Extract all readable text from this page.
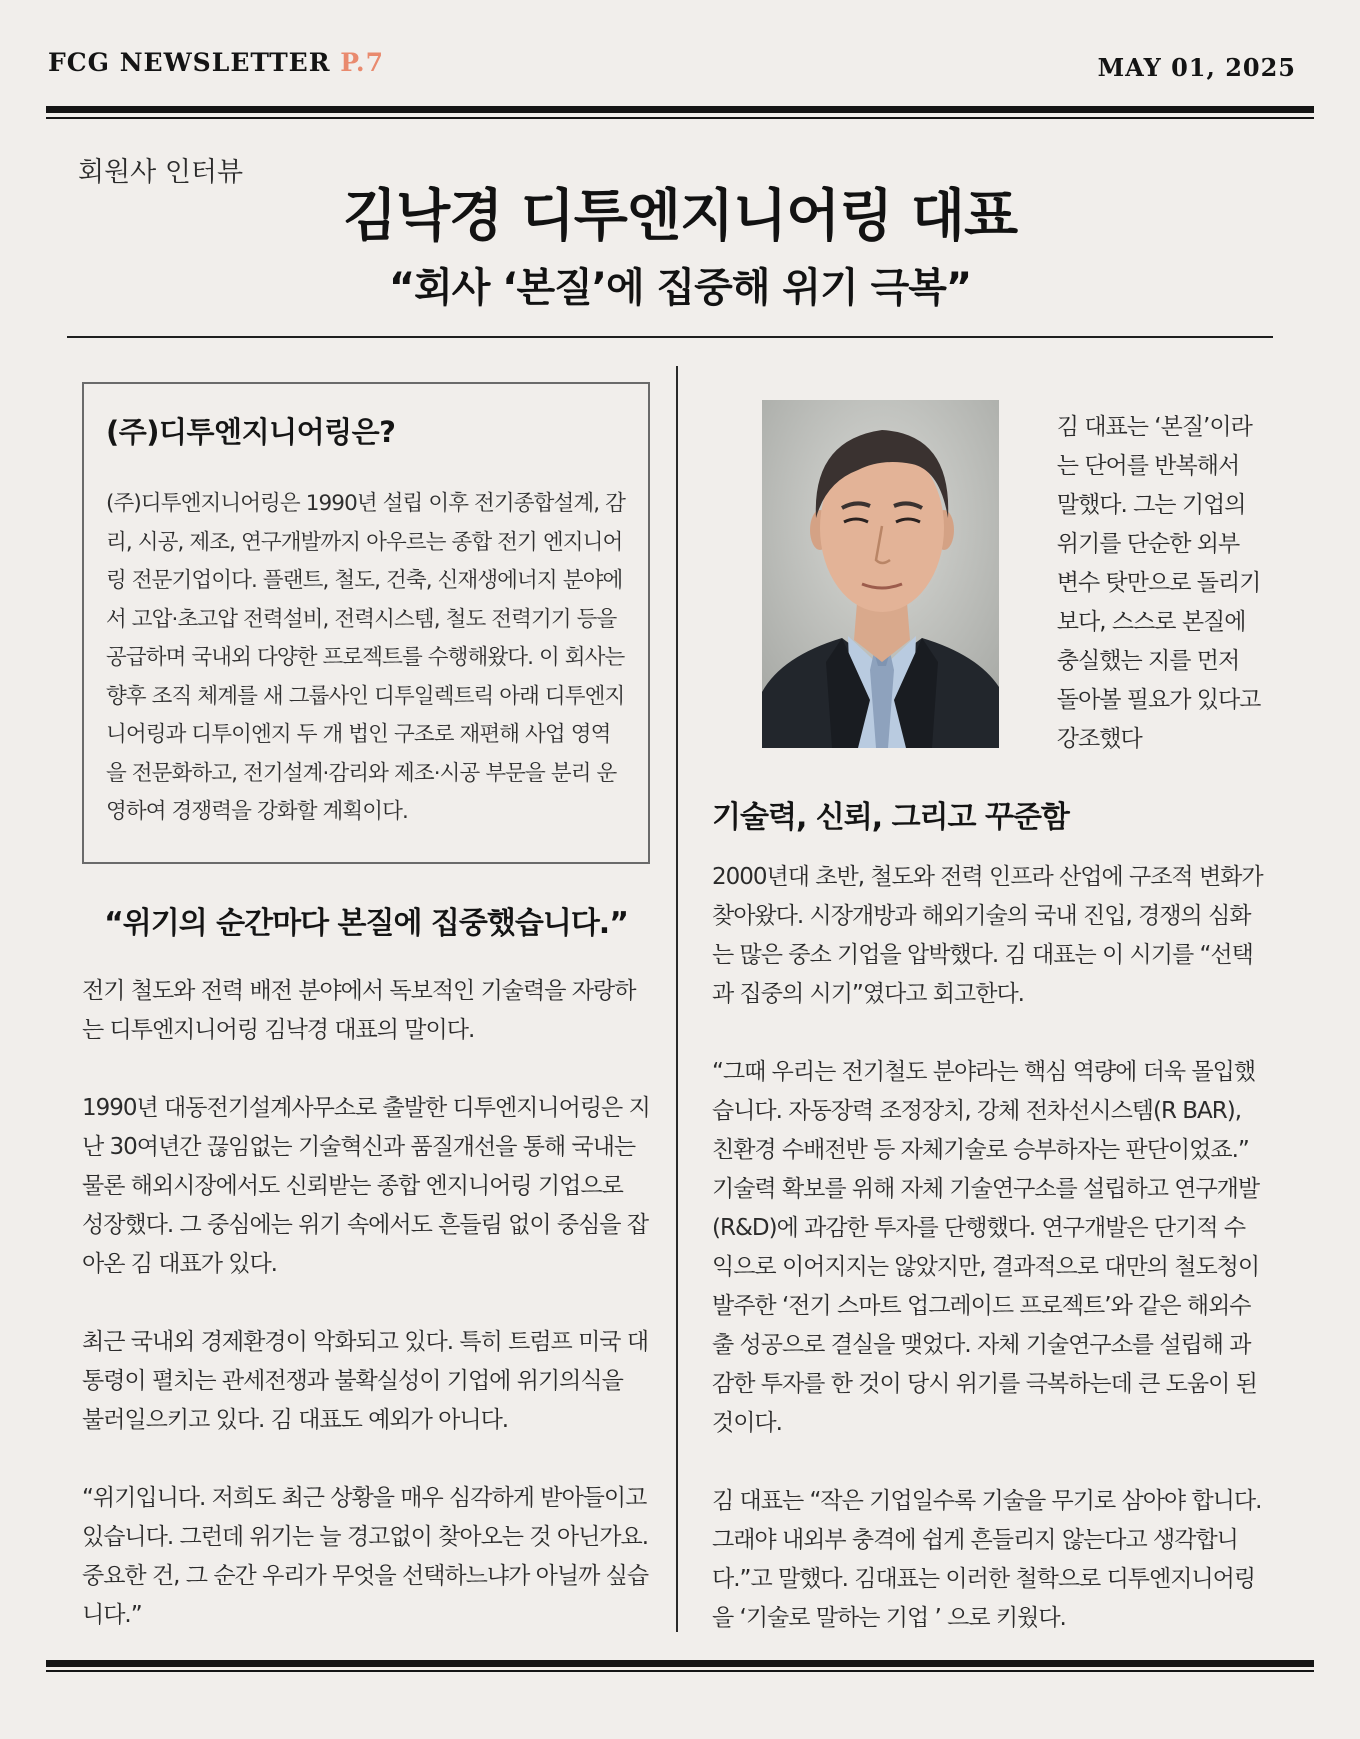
FCG NEWSLETTER P.7	MAY 01, 2025
회원사 인터뷰
김낙경 디투엔지니어링 대표
“회사 ‘본질’에 집중해 위기 극복”
(주)디투엔지니어링은?
(주)디투엔지니어링은 1990년 설립 이후 전기종합설계, 감리, 시공, 제조, 연구개발까지 아우르는 종합 전기 엔지니어링 전문기업이다. 플랜트, 철도, 건축, 신재생에너지 분야에서 고압·초고압 전력설비, 전력시스템, 철도 전력기기 등을 공급하며 국내외 다양한 프로젝트를 수행해왔다. 이 회사는 향후 조직 체계를 새 그룹사인 디투일렉트릭 아래 디투엔지니어링과 디투이엔지 두 개 법인 구조로 재편해 사업 영역을 전문화하고, 전기설계·감리와 제조·시공 부문을 분리 운영하여 경쟁력을 강화할 계획이다.
“위기의 순간마다 본질에 집중했습니다.”

전기 철도와 전력 배전 분야에서 독보적인 기술력을 자랑하는 디투엔지니어링 김낙경 대표의 말이다.

1990년 대동전기설계사무소로 출발한 디투엔지니어링은 지난 30여년간 끊임없는 기술혁신과 품질개선을 통해 국내는 물론 해외시장에서도 신뢰받는 종합 엔지니어링 기업으로 성장했다. 그 중심에는 위기 속에서도 흔들림 없이 중심을 잡아온 김 대표가 있다.

최근 국내외 경제환경이 악화되고 있다. 특히 트럼프 미국 대통령이 펼치는 관세전쟁과 불확실성이 기업에 위기의식을 불러일으키고 있다. 김 대표도 예외가 아니다.

“위기입니다. 저희도 최근 상황을 매우 심각하게 받아들이고 있습니다. 그런데 위기는 늘 경고없이 찾아오는 것 아닌가요. 중요한 건, 그 순간 우리가 무엇을 선택하느냐가 아닐까 싶습니다.”

김 대표는 ‘본질’이라는 단어를 반복해서 말했다. 그는 기업의 위기를 단순한 외부 변수 탓만으로 돌리기보다, 스스로 본질에 충실했는 지를 먼저 돌아볼 필요가 있다고 강조했다
기술력, 신뢰, 그리고 꾸준함

2000년대 초반, 철도와 전력 인프라 산업에 구조적 변화가 찾아왔다. 시장개방과 해외기술의 국내 진입, 경쟁의 심화는 많은 중소 기업을 압박했다. 김 대표는 이 시기를 “선택과 집중의 시기”였다고 회고한다.

“그때 우리는 전기철도 분야라는 핵심 역량에 더욱 몰입했습니다. 자동장력 조정장치, 강체 전차선시스템(R BAR), 친환경 수배전반 등 자체기술로 승부하자는 판단이었죠.” 기술력 확보를 위해 자체 기술연구소를 설립하고 연구개발(R&D)에 과감한 투자를 단행했다. 연구개발은 단기적 수익으로 이어지지는 않았지만, 결과적으로 대만의 철도청이 발주한 ‘전기 스마트 업그레이드 프로젝트’와 같은 해외수출 성공으로 결실을 맺었다. 자체 기술연구소를 설립해 과감한 투자를 한 것이 당시 위기를 극복하는데 큰 도움이 된 것이다.

김 대표는 “작은 기업일수록 기술을 무기로 삼아야 합니다. 그래야 내외부 충격에 쉽게 흔들리지 않는다고 생각합니다.”고 말했다. 김대표는 이러한 철학으로 디투엔지니어링을 ‘기술로 말하는 기업 ’ 으로 키웠다.
